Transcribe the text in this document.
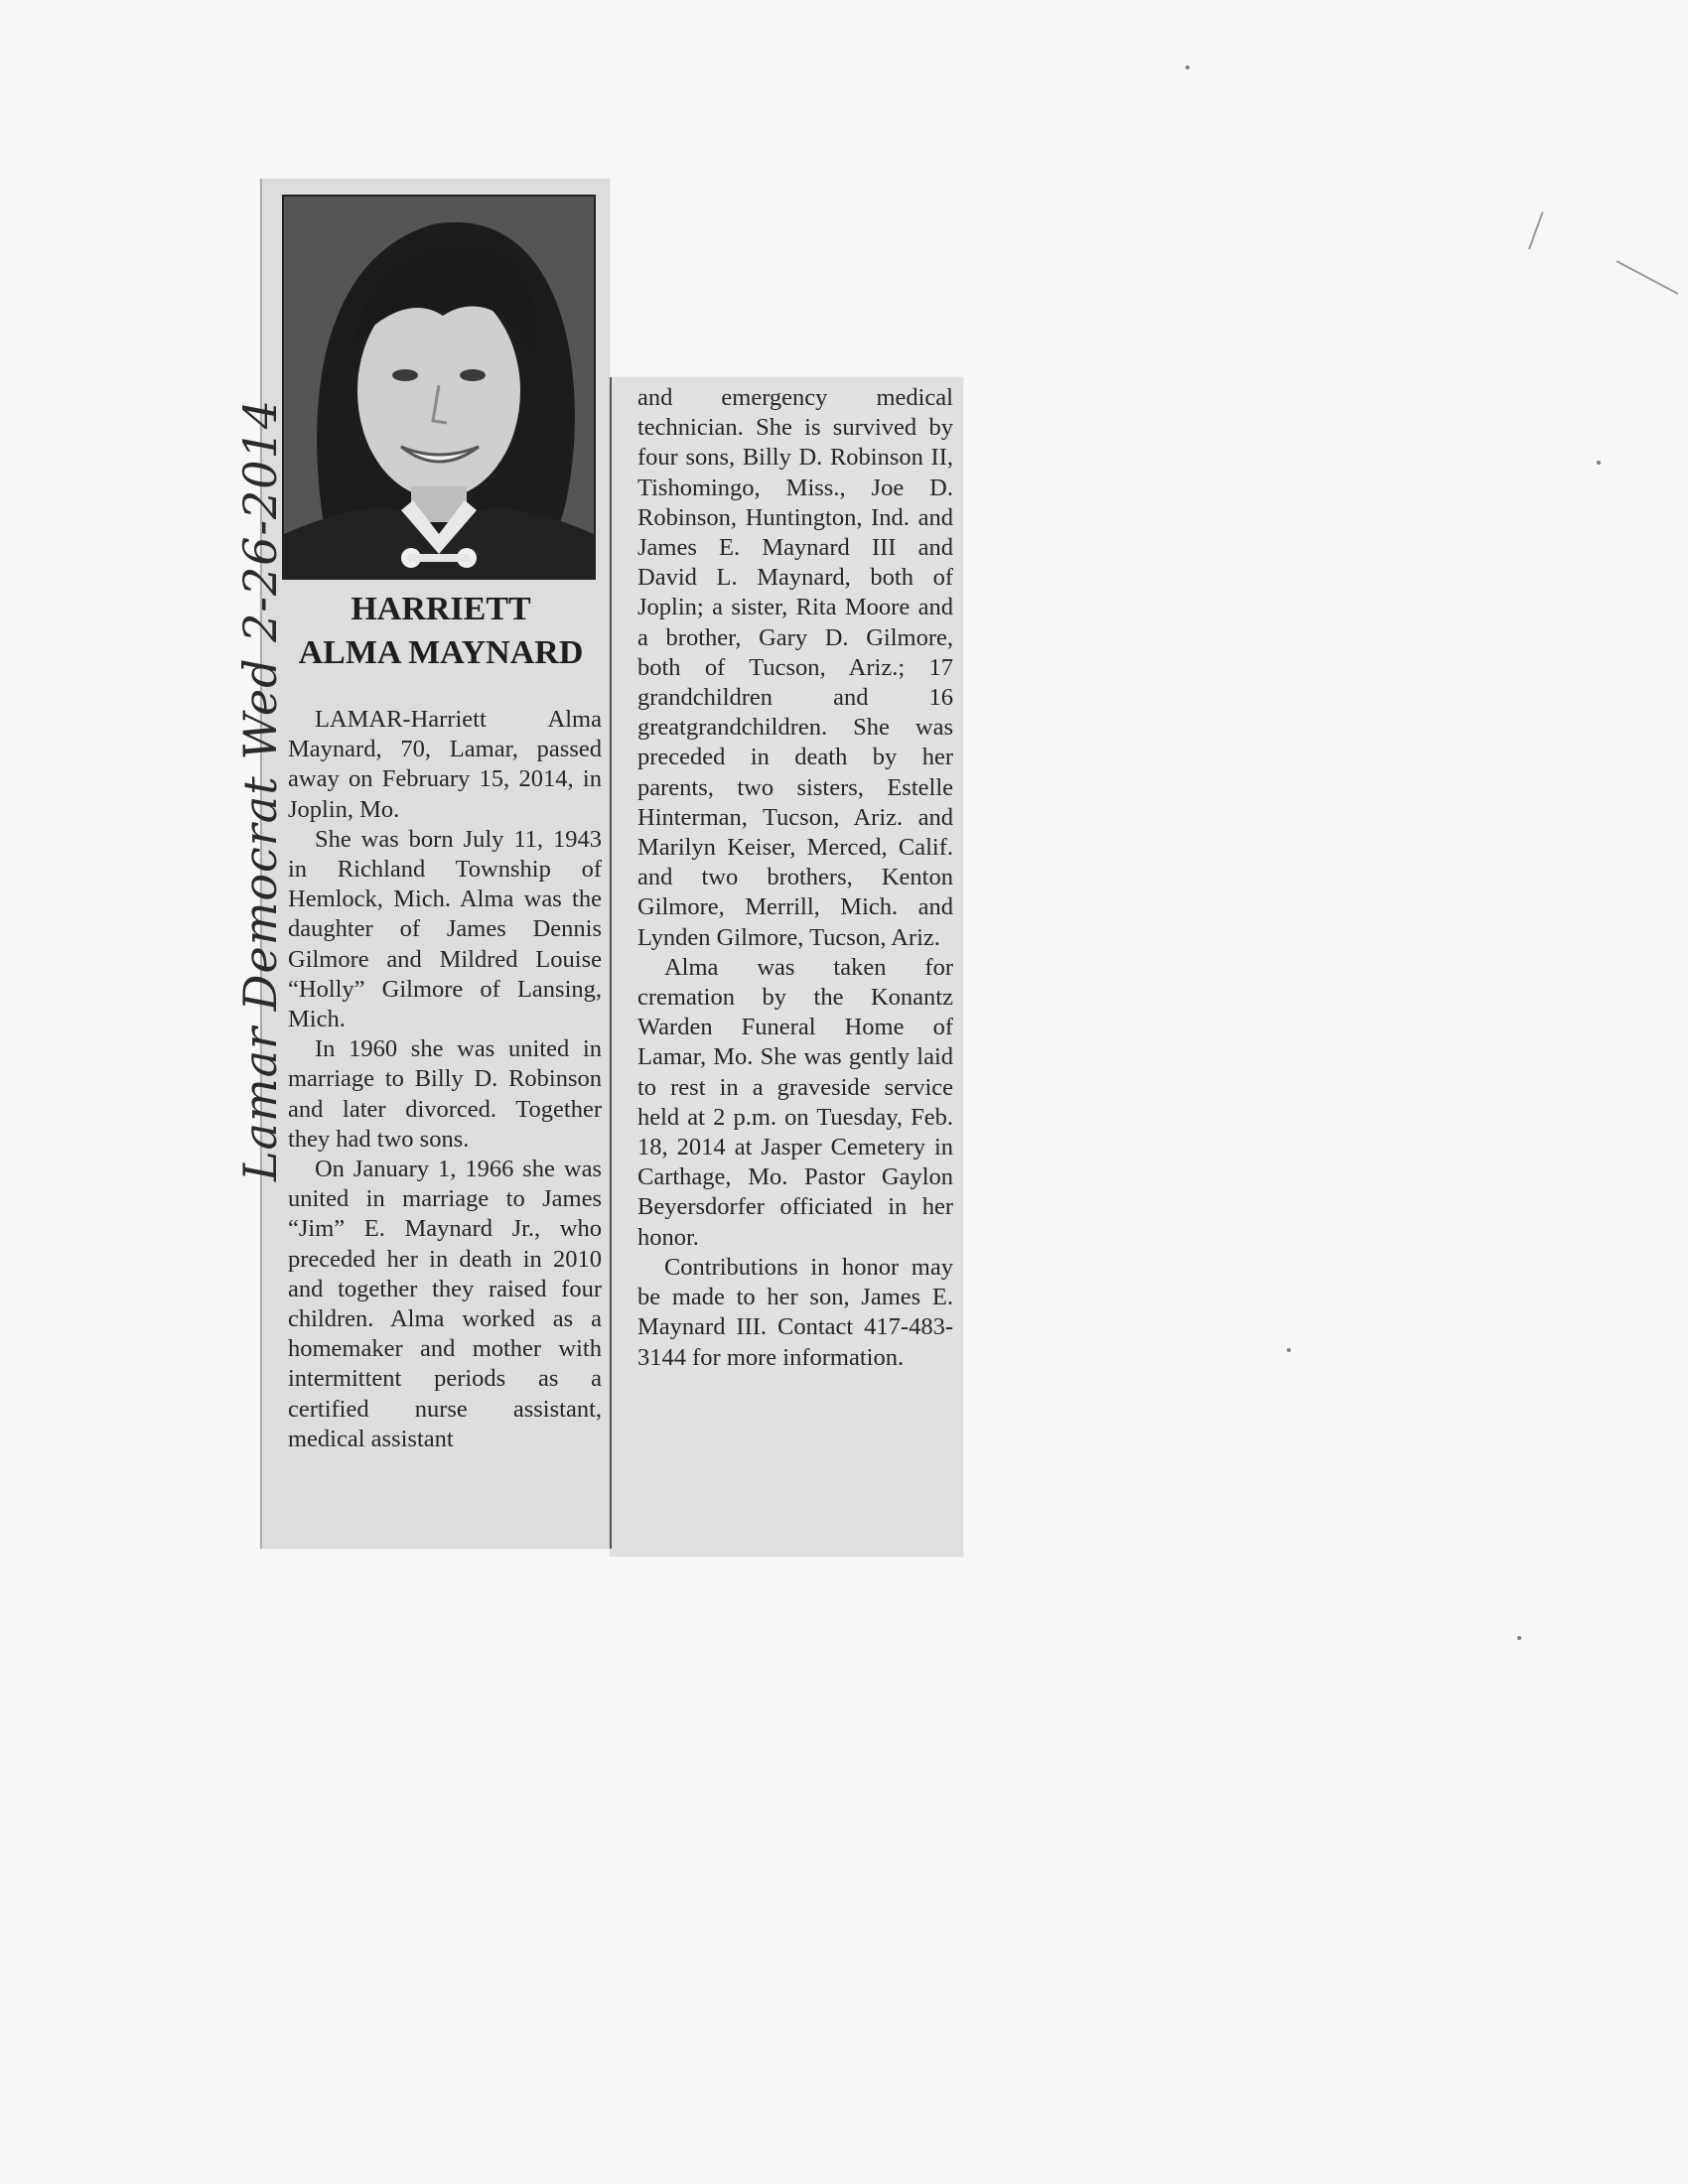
HARRIETT
ALMA MAYNARD

LAMAR-Harriett Alma Maynard, 70, Lamar, passed away on February 15, 2014, in Joplin, Mo.

She was born July 11, 1943 in Richland Township of Hemlock, Mich. Alma was the daughter of James Dennis Gilmore and Mildred Louise “Holly” Gilmore of Lansing, Mich.

In 1960 she was united in marriage to Billy D. Robinson and later divorced. Together they had two sons.

On January 1, 1966 she was united in marriage to James “Jim” E. Maynard Jr., who preceded her in death in 2010 and together they raised four children. Alma worked as a homemaker and mother with intermittent periods as a certified nurse assistant, medical assistant

and emergency medical technician. She is survived by four sons, Billy D. Robinson II, Tishomingo, Miss., Joe D. Robinson, Huntington, Ind. and James E. Maynard III and David L. Maynard, both of Joplin; a sister, Rita Moore and a brother, Gary D. Gilmore, both of Tucson, Ariz.; 17 grandchildren and 16 greatgrandchildren. She was preceded in death by her parents, two sisters, Estelle Hinterman, Tucson, Ariz. and Marilyn Keiser, Merced, Calif. and two brothers, Kenton Gilmore, Merrill, Mich. and Lynden Gilmore, Tucson, Ariz.

Alma was taken for cremation by the Konantz Warden Funeral Home of Lamar, Mo. She was gently laid to rest in a graveside service held at 2 p.m. on Tuesday, Feb. 18, 2014 at Jasper Cemetery in Carthage, Mo. Pastor Gaylon Beyersdorfer officiated in her honor.

Contributions in honor may be made to her son, James E. Maynard III. Contact 417-483-3144 for more information.

Lamar Democrat Wed 2-26-2014
